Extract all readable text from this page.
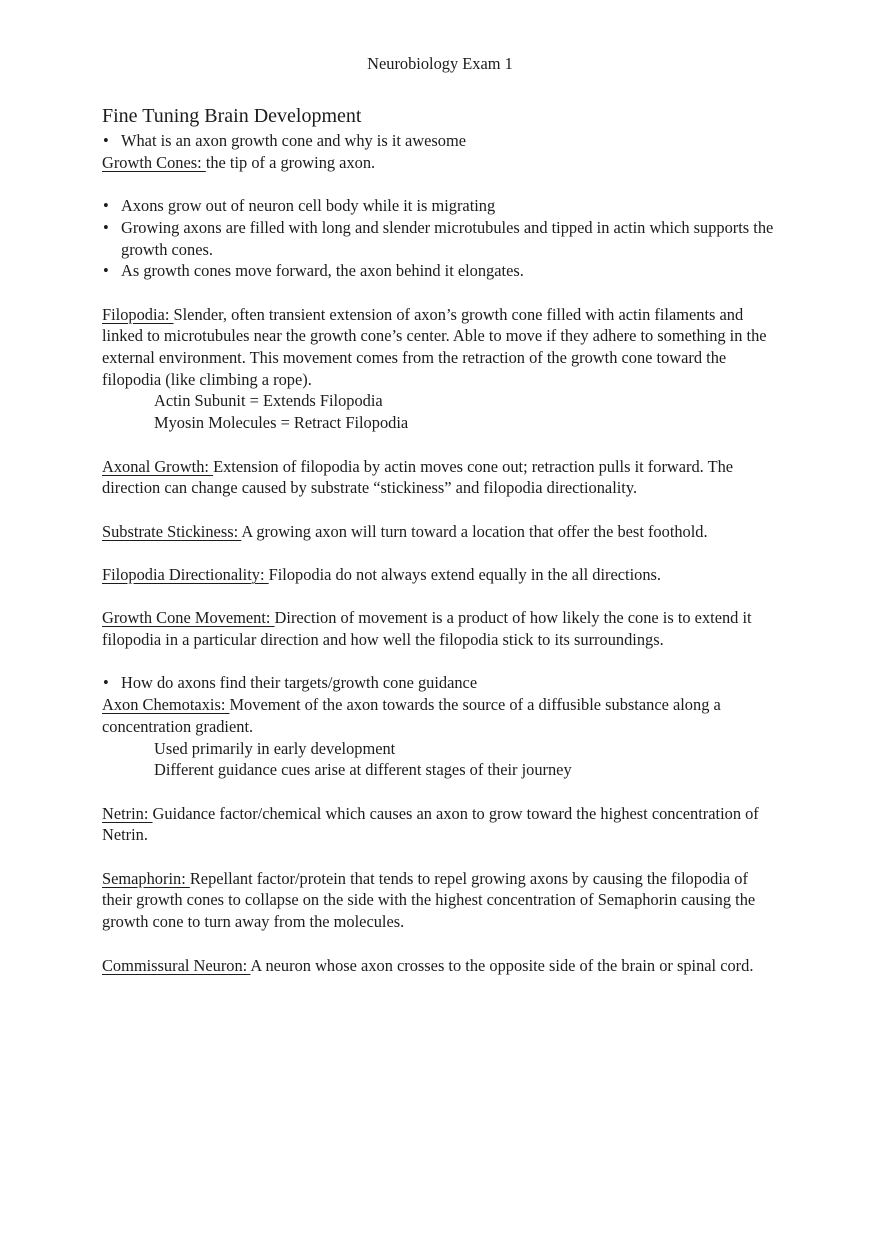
Neurobiology Exam 1
Fine Tuning Brain Development
• What is an axon growth cone and why is it awesome

Growth Cones: the tip of a growing axon.

• Axons grow out of neuron cell body while it is migrating
• Growing axons are filled with long and slender microtubules and tipped in actin which supports the growth cones.
• As growth cones move forward, the axon behind it elongates.

Filopodia: Slender, often transient extension of axon’s growth cone filled with actin filaments and linked to microtubules near the growth cone’s center. Able to move if they adhere to something in the external environment. This movement comes from the retraction of the growth cone toward the filopodia (like climbing a rope).

Actin Subunit = Extends Filopodia

Myosin Molecules = Retract Filopodia

Axonal Growth: Extension of filopodia by actin moves cone out; retraction pulls it forward. The direction can change caused by substrate “stickiness” and filopodia directionality.

Substrate Stickiness: A growing axon will turn toward a location that offer the best foothold.

Filopodia Directionality: Filopodia do not always extend equally in the all directions.

Growth Cone Movement: Direction of movement is a product of how likely the cone is to extend it filopodia in a particular direction and how well the filopodia stick to its surroundings.

• How do axons find their targets/growth cone guidance

Axon Chemotaxis: Movement of the axon towards the source of a diffusible substance along a concentration gradient.

Used primarily in early development

Different guidance cues arise at different stages of their journey

Netrin: Guidance factor/chemical which causes an axon to grow toward the highest concentration of Netrin.

Semaphorin: Repellant factor/protein that tends to repel growing axons by causing the filopodia of their growth cones to collapse on the side with the highest concentration of Semaphorin causing the growth cone to turn away from the molecules.

Commissural Neuron: A neuron whose axon crosses to the opposite side of the brain or spinal cord.
